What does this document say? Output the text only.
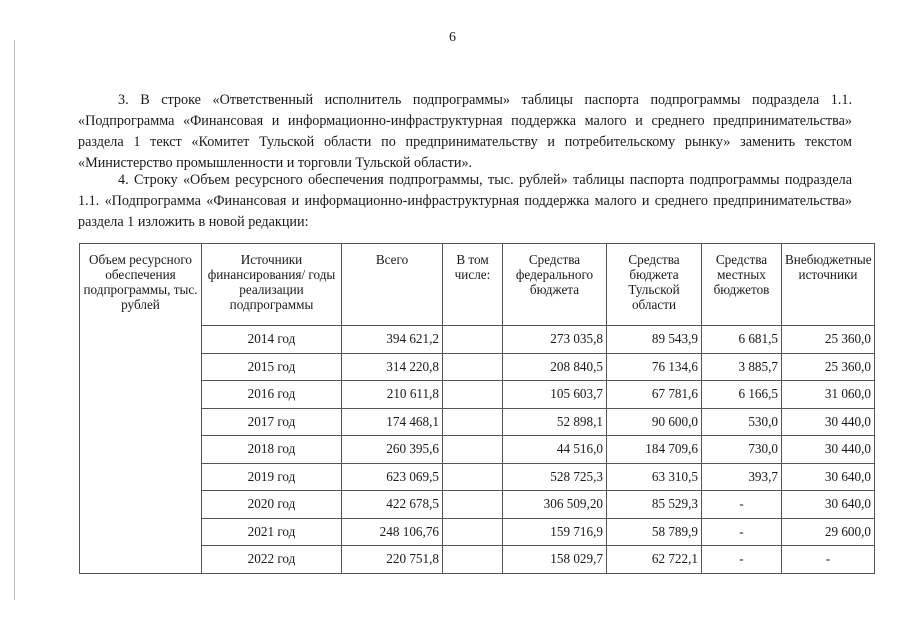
6

3. В строке «Ответственный исполнитель подпрограммы» таблицы паспорта подпрограммы подраздела 1.1. «Подпрограмма «Финансовая и информационно-инфраструктурная поддержка малого и среднего предпринимательства» раздела 1 текст «Комитет Тульской области по предпринимательству и потребительскому рынку» заменить текстом «Министерство промышленности и торговли Тульской области».

4. Строку «Объем ресурсного обеспечения подпрограммы, тыс. рублей» таблицы паспорта подпрограммы подраздела 1.1. «Подпрограмма «Финансовая и информационно-инфраструктурная поддержка малого и среднего предпринимательства» раздела 1 изложить в новой редакции:

Объем ресурсного обеспечения подпрограммы, тыс. рублей	Источники финансирования/ годы реализации подпрограммы	Всего	В том числе:	Средства федерального бюджета	Средства бюджета Тульской области	Средства местных бюджетов	Внебюджетные источники
	2014 год	394 621,2		273 035,8	89 543,9	6 681,5	25 360,0
	2015 год	314 220,8		208 840,5	76 134,6	3 885,7	25 360,0
	2016 год	210 611,8		105 603,7	67 781,6	6 166,5	31 060,0
	2017 год	174 468,1		52 898,1	90 600,0	530,0	30 440,0
	2018 год	260 395,6		44 516,0	184 709,6	730,0	30 440,0
	2019 год	623 069,5		528 725,3	63 310,5	393,7	30 640,0
	2020 год	422 678,5		306 509,20	85 529,3	-	30 640,0
	2021 год	248 106,76		159 716,9	58 789,9	-	29 600,0
	2022 год	220 751,8		158 029,7	62 722,1	-	-
